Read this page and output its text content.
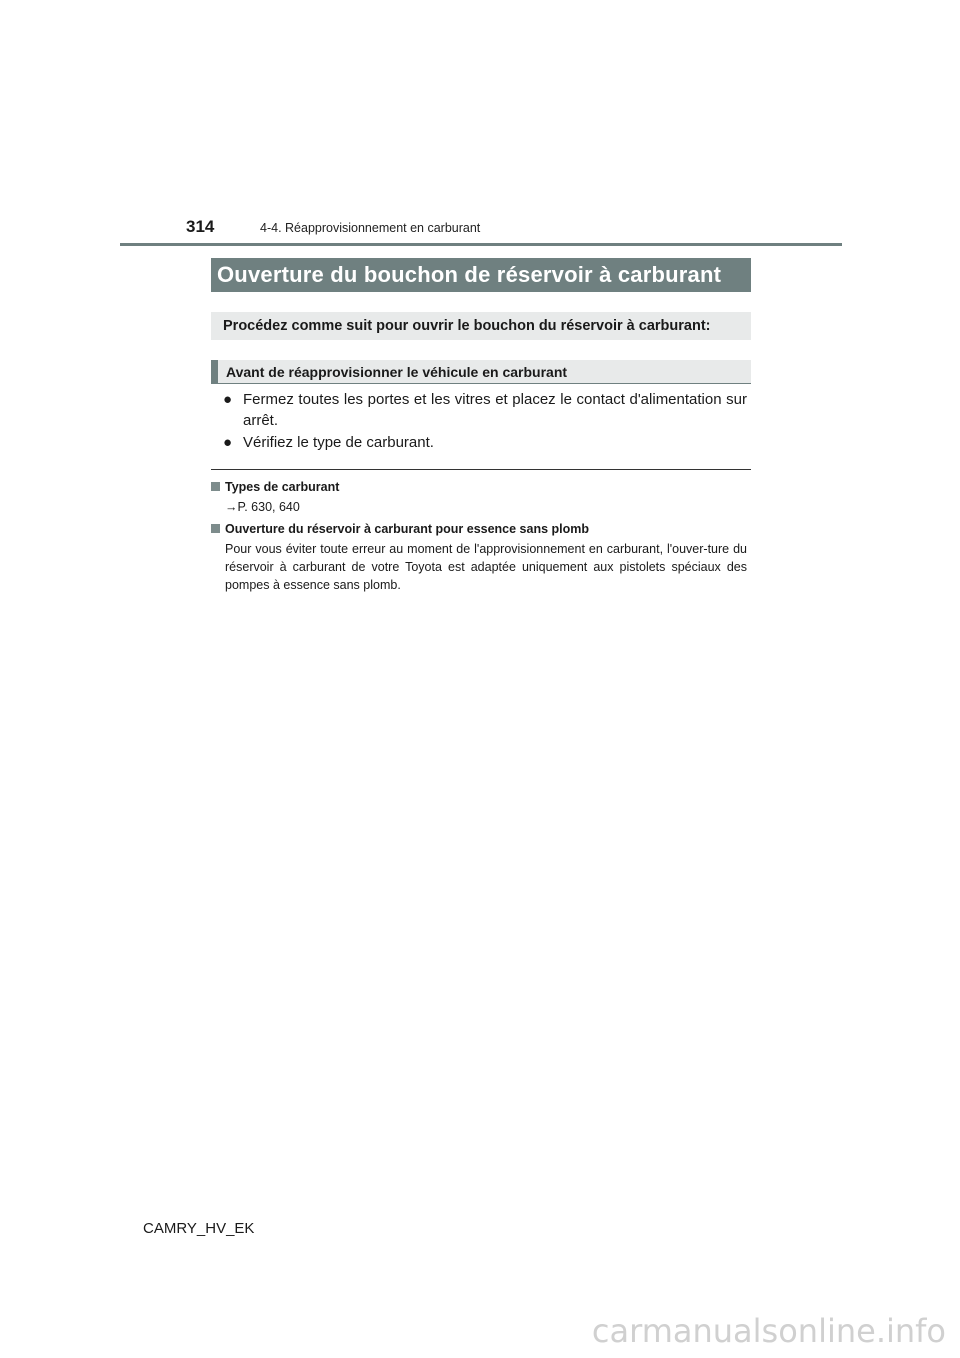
314	4-4. Réapprovisionnement en carburant
Ouverture du bouchon de réservoir à carburant
Procédez comme suit pour ouvrir le bouchon du réservoir à carburant:
Avant de réapprovisionner le véhicule en carburant
● Fermez toutes les portes et les vitres et placez le contact d'alimentation sur arrêt.
● Vérifiez le type de carburant.
Types de carburant
→P. 630, 640
Ouverture du réservoir à carburant pour essence sans plomb
Pour vous éviter toute erreur au moment de l'approvisionnement en carburant, l'ouver-ture du réservoir à carburant de votre Toyota est adaptée uniquement aux pistolets spéciaux des pompes à essence sans plomb.
CAMRY_HV_EK
carmanualsonline.info
